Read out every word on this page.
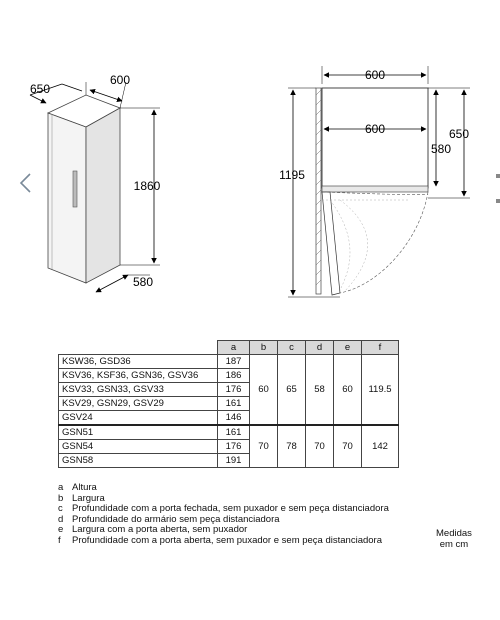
650
600
1860
580
600
600	650
580
1195
	a	b	c	d	e	f
KSW36, GSD36	187	60	65	58	60	119.5
KSV36, KSF36, GSN36, GSV36	186					
KSV33, GSN33, GSV33	176					
KSV29, GSN29, GSV29	161					
GSV24	146					
GSN51	161	70	78	70	70	142
GSN54	176					
GSN58	191					
a Altura
b Largura
c Profundidade com a porta fechada, sem puxador e sem peça distanciadora
d Profundidade do armário sem peça distanciadora
e Largura com a porta aberta, sem puxador
f	Profundidade com a porta aberta, sem puxador e sem peça distanciadora
Medidas
em cm
